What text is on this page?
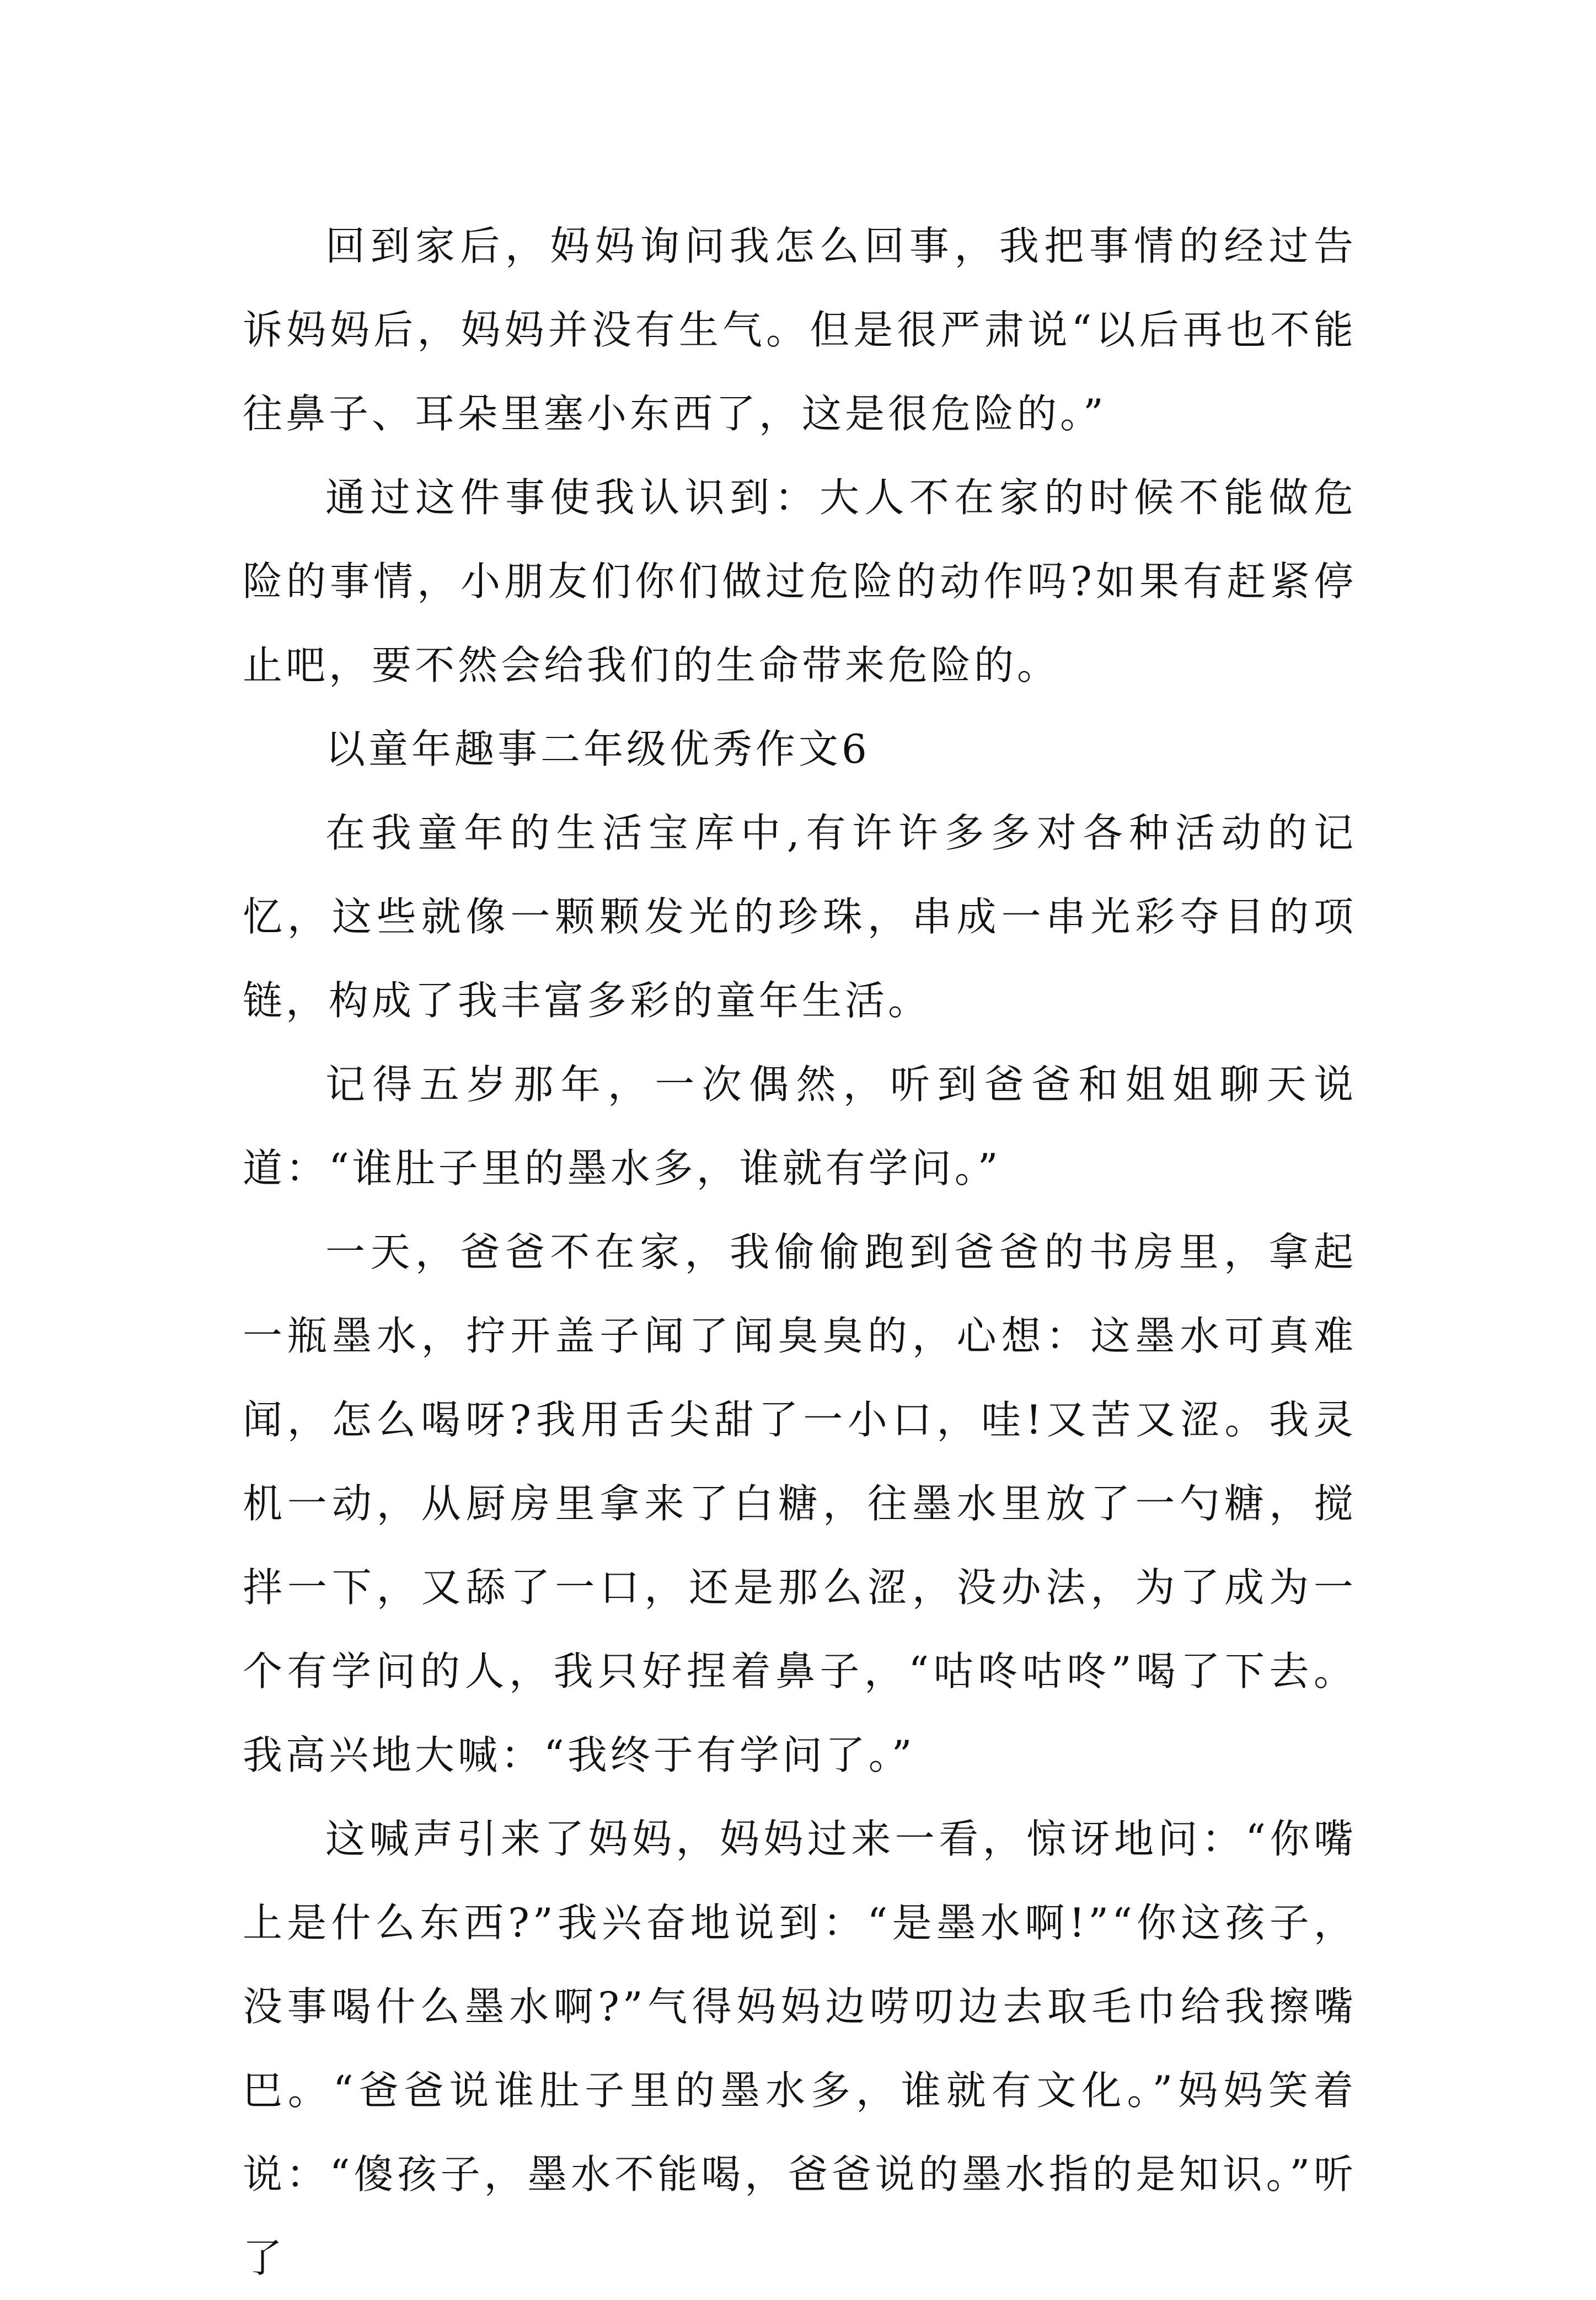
回到家后，妈妈询问我怎么回事，我把事情的经过告诉妈妈后，妈妈并没有生气。但是很严肃说“以后再也不能往鼻子、耳朵里塞小东西了，这是很危险的。”

通过这件事使我认识到：大人不在家的时候不能做危险的事情，小朋友们你们做过危险的动作吗?如果有赶紧停止吧，要不然会给我们的生命带来危险的。

以童年趣事二年级优秀作文6

在我童年的生活宝库中,有许许多多对各种活动的记忆，这些就像一颗颗发光的珍珠，串成一串光彩夺目的项链，构成了我丰富多彩的童年生活。

记得五岁那年，一次偶然，听到爸爸和姐姐聊天说道：“谁肚子里的墨水多，谁就有学问。”

一天，爸爸不在家，我偷偷跑到爸爸的书房里，拿起一瓶墨水，拧开盖子闻了闻臭臭的，心想：这墨水可真难闻，怎么喝呀?我用舌尖甜了一小口，哇!又苦又涩。我灵机一动，从厨房里拿来了白糖，往墨水里放了一勺糖，搅拌一下，又舔了一口，还是那么涩，没办法，为了成为一个有学问的人，我只好捏着鼻子，“咕咚咕咚”喝了下去。我高兴地大喊：“我终于有学问了。”

这喊声引来了妈妈，妈妈过来一看，惊讶地问：“你嘴上是什么东西?”我兴奋地说到：“是墨水啊!”“你这孩子，没事喝什么墨水啊?”气得妈妈边唠叨边去取毛巾给我擦嘴巴。“爸爸说谁肚子里的墨水多，谁就有文化。”妈妈笑着说：“傻孩子，墨水不能喝，爸爸说的墨水指的是知识。”听了
